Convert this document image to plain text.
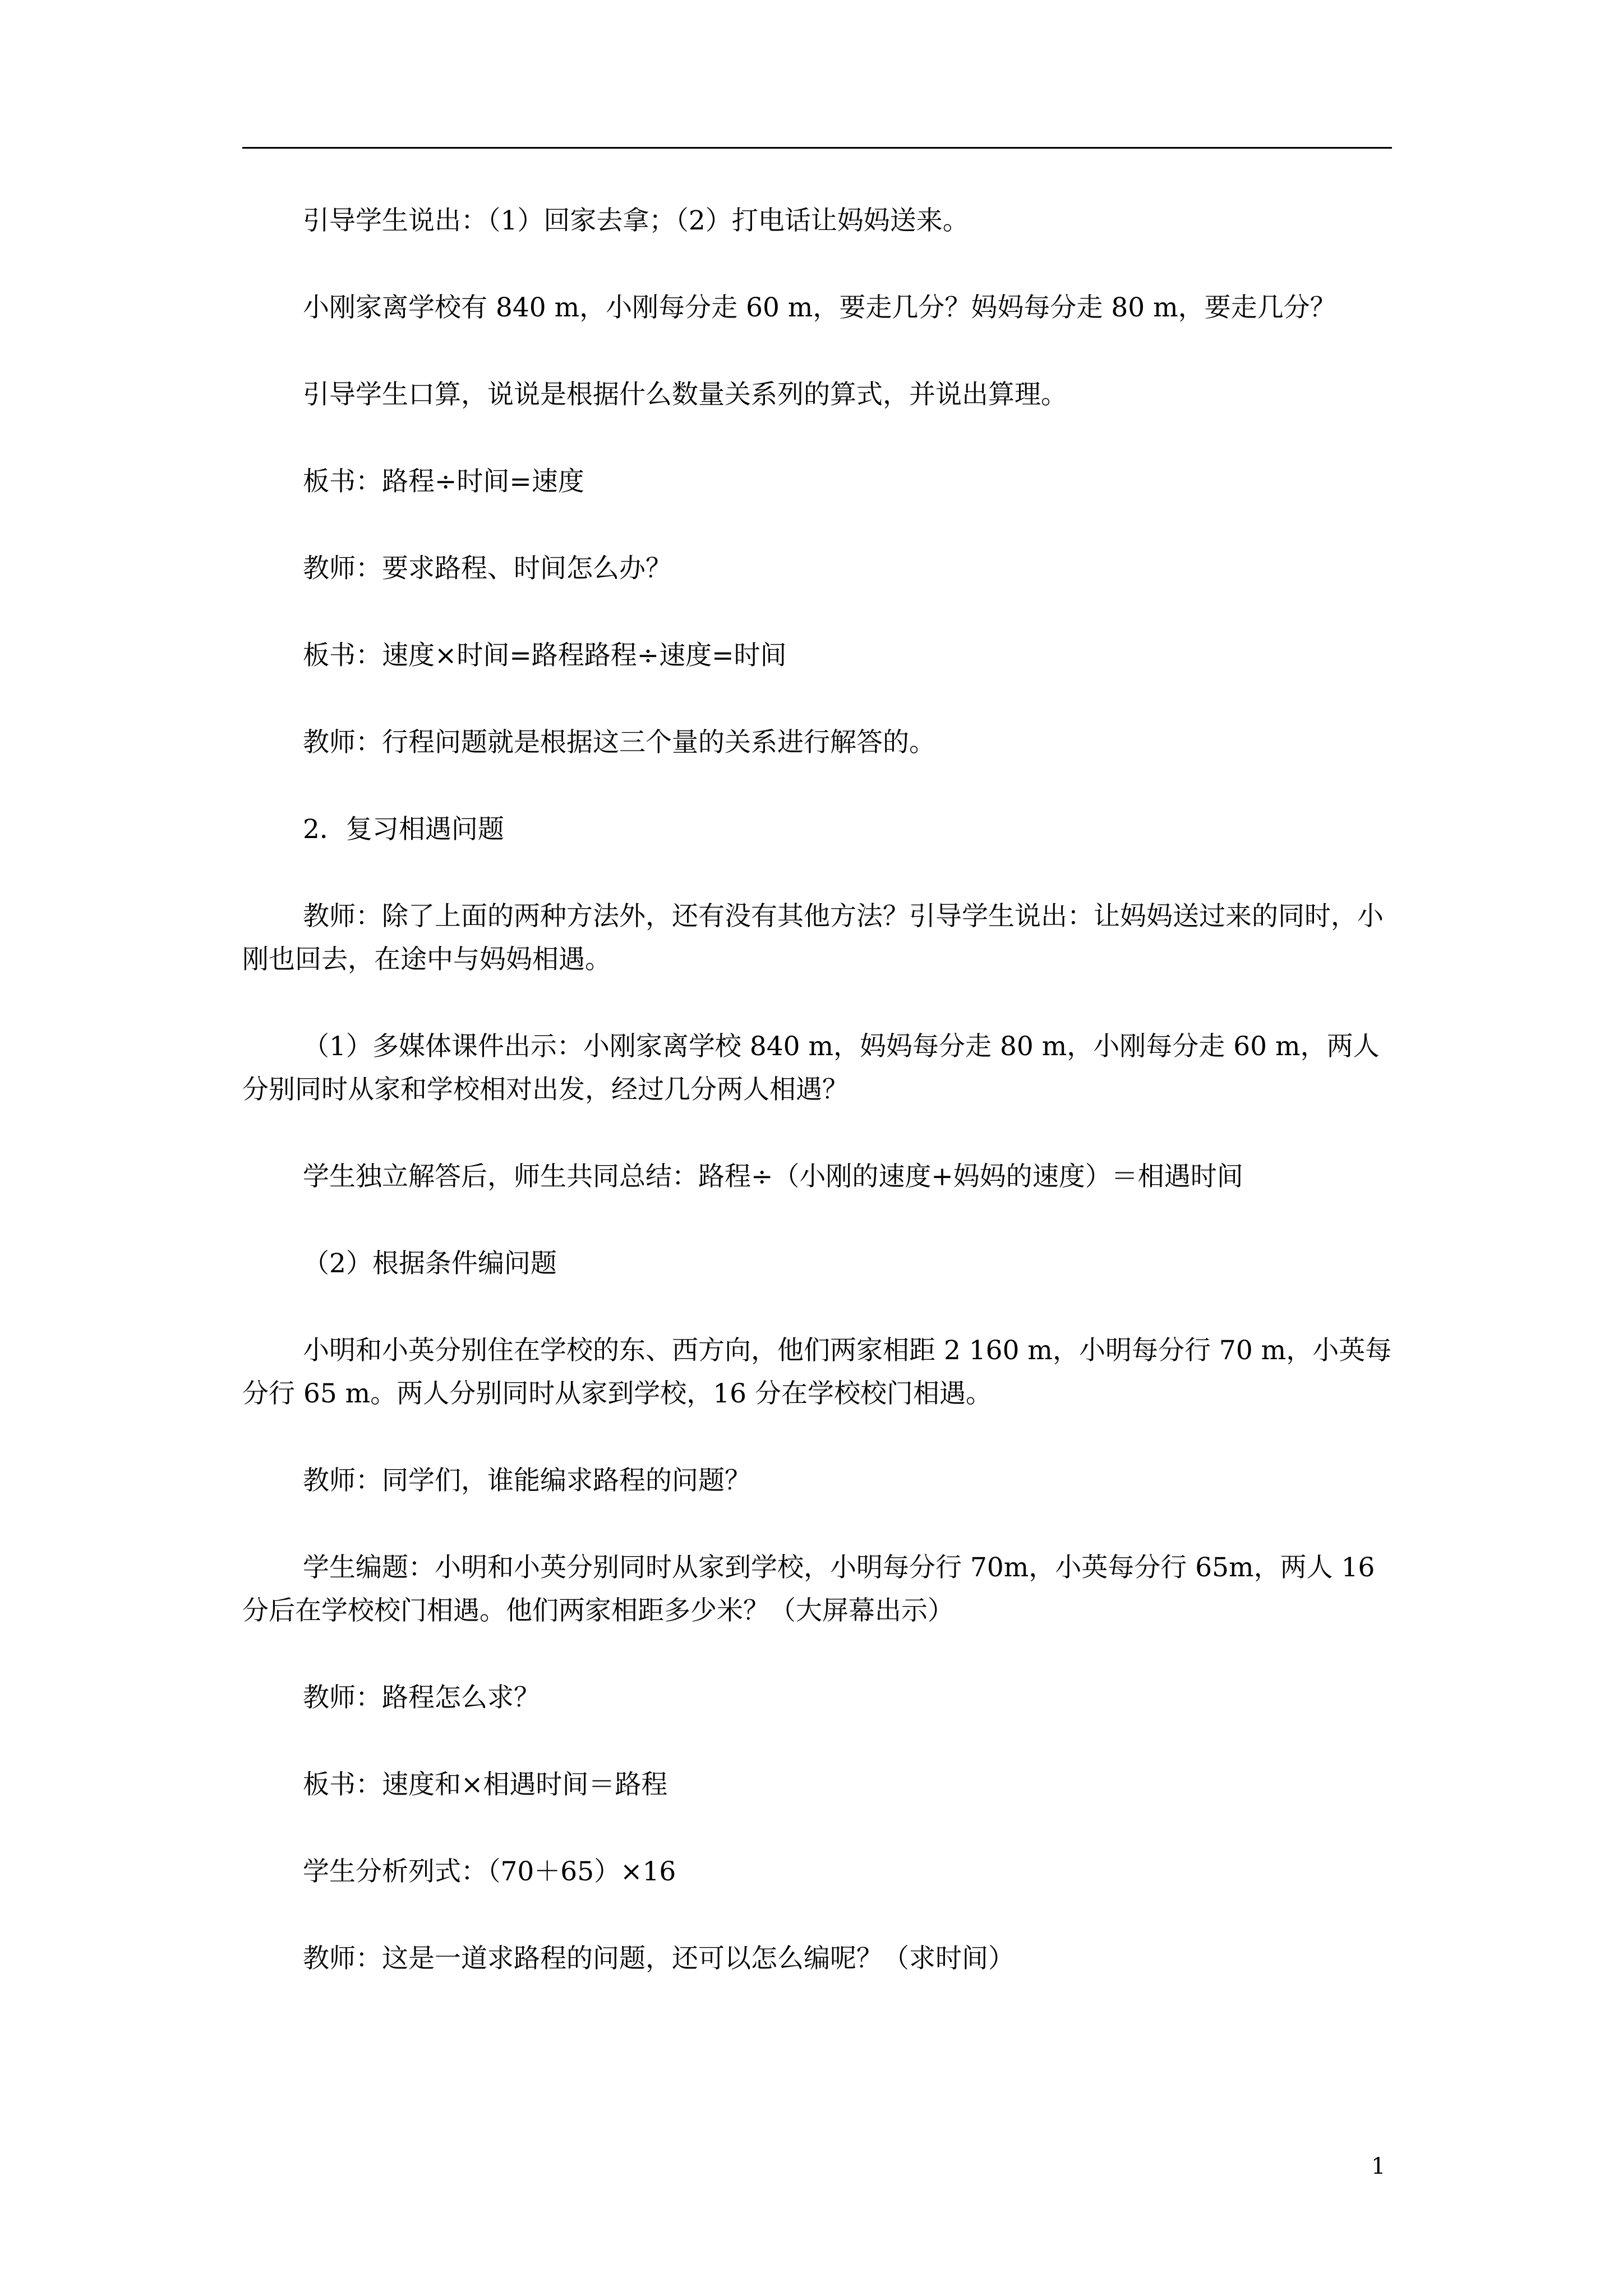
引导学生说出：（1）回家去拿；（2）打电话让妈妈送来。

小刚家离学校有 840 m，小刚每分走 60 m，要走几分？妈妈每分走 80 m，要走几分？

引导学生口算，说说是根据什么数量关系列的算式，并说出算理。

板书：路程÷时间=速度

教师：要求路程、时间怎么办？

板书：速度×时间=路程路程÷速度=时间

教师：行程问题就是根据这三个量的关系进行解答的。

2．复习相遇问题

教师：除了上面的两种方法外，还有没有其他方法？引导学生说出：让妈妈送过来的同时，小刚也回去，在途中与妈妈相遇。

（1）多媒体课件出示：小刚家离学校 840 m，妈妈每分走 80 m，小刚每分走 60 m，两人分别同时从家和学校相对出发，经过几分两人相遇？

学生独立解答后，师生共同总结：路程÷（小刚的速度+妈妈的速度）＝相遇时间

（2）根据条件编问题

小明和小英分别住在学校的东、西方向，他们两家相距 2 160 m，小明每分行 70 m，小英每分行 65 m。两人分别同时从家到学校，16 分在学校校门相遇。

教师：同学们，谁能编求路程的问题？

学生编题：小明和小英分别同时从家到学校，小明每分行 70m，小英每分行 65m，两人 16 分后在学校校门相遇。他们两家相距多少米？（大屏幕出示）

教师：路程怎么求？

板书：速度和×相遇时间＝路程

学生分析列式：（70＋65）×16

教师：这是一道求路程的问题，还可以怎么编呢？（求时间）

1
